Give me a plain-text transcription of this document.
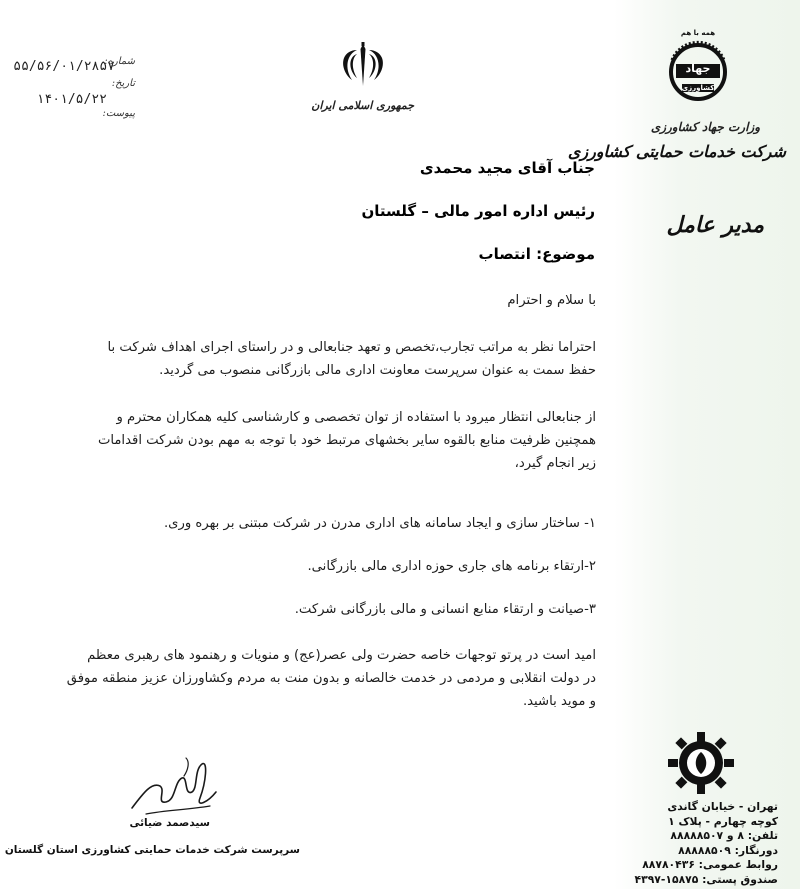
شماره:
۵۵/۵۶/۰۱/۲۸۵۷
تاریخ:
۱۴۰۱/۵/۲۲
پیوست:
جمهوری اسلامی ایران
همه با هم
جهاد
کشاورزی
وزارت جهاد کشاورزی
شرکت خدمات حمایتی کشاورزی
مدیر عامل
جناب آقای مجید محمدی
رئیس اداره امور مالی – گلستان
موضوع: انتصاب
با سلام و احترام
احتراما نظر به مراتب تجارب،تخصص و تعهد جنابعالی و در راستای اجرای اهداف شرکت با
حفظ سمت به عنوان سرپرست معاونت اداری مالی بازرگانی منصوب می گردید.
از جنابعالی انتظار میرود با استفاده از توان تخصصی و کارشناسی کلیه همکاران محترم و
همچنین ظرفیت منابع بالقوه سایر بخشهای مرتبط خود با توجه به مهم بودن شرکت اقدامات
زیر انجام گیرد،
۱- ساختار سازی و ایجاد سامانه های اداری مدرن در شرکت مبتنی بر بهره وری.
۲-ارتقاء برنامه های جاری حوزه اداری مالی بازرگانی.
۳-صیانت و ارتقاء منابع انسانی و مالی بازرگانی شرکت.
امید است در پرتو توجهات خاصه حضرت ولی عصر(عج) و منویات و رهنمود های رهبری معظم
در دولت انقلابی و مردمی در خدمت خالصانه و بدون منت به مردم وکشاورزان عزیز منطقه موفق
و موید باشید.
سیدصمد ضیائی
سرپرست شرکت خدمات حمایتی کشاورزی استان گلستان
تهران - خیابان گاندی
کوچه چهارم - پلاک ۱
تلفن: ۸ و ۸۸۸۸۸۵۰۷
دورنگار: ۸۸۸۸۸۵۰۹
روابط عمومی: ۸۸۷۸۰۴۳۶
صندوق پستی: ۱۵۸۷۵-۴۳۹۷
